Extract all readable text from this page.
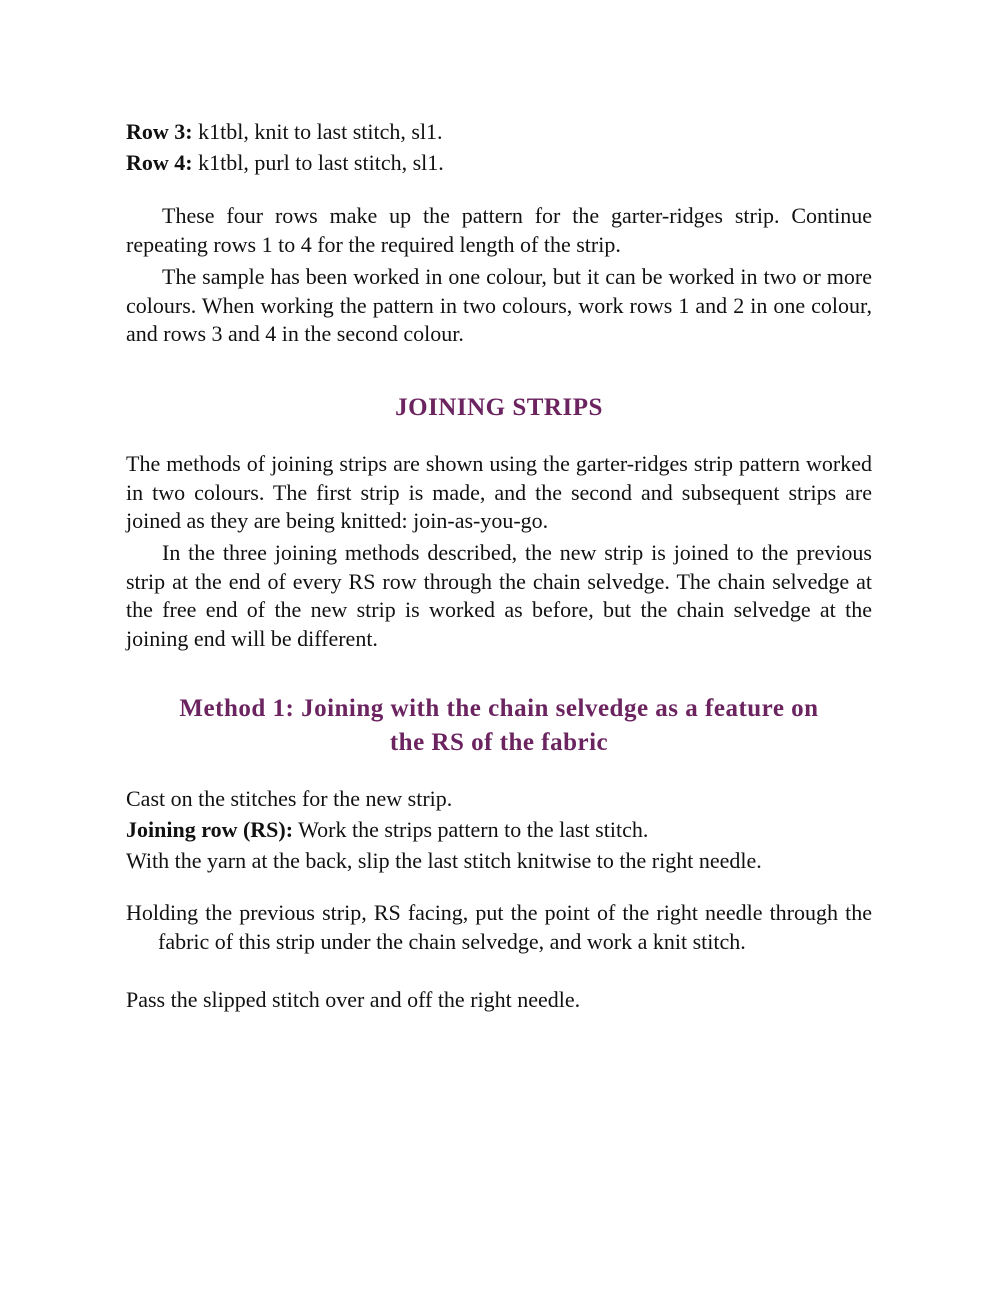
Row 3: k1tbl, knit to last stitch, sl1.

Row 4: k1tbl, purl to last stitch, sl1.

These four rows make up the pattern for the garter-ridges strip. Continue repeating rows 1 to 4 for the required length of the strip.

The sample has been worked in one colour, but it can be worked in two or more colours. When working the pattern in two colours, work rows 1 and 2 in one colour, and rows 3 and 4 in the second colour.

JOINING STRIPS

The methods of joining strips are shown using the garter-ridges strip pattern worked in two colours. The first strip is made, and the second and subsequent strips are joined as they are being knitted: join-as-you-go.

In the three joining methods described, the new strip is joined to the previous strip at the end of every RS row through the chain selvedge. The chain selvedge at the free end of the new strip is worked as before, but the chain selvedge at the joining end will be different.

Method 1: Joining with the chain selvedge as a feature on
the RS of the fabric

Cast on the stitches for the new strip.

Joining row (RS): Work the strips pattern to the last stitch.

With the yarn at the back, slip the last stitch knitwise to the right needle.

Holding the previous strip, RS facing, put the point of the right needle through the fabric of this strip under the chain selvedge, and work a knit stitch.

Pass the slipped stitch over and off the right needle.
